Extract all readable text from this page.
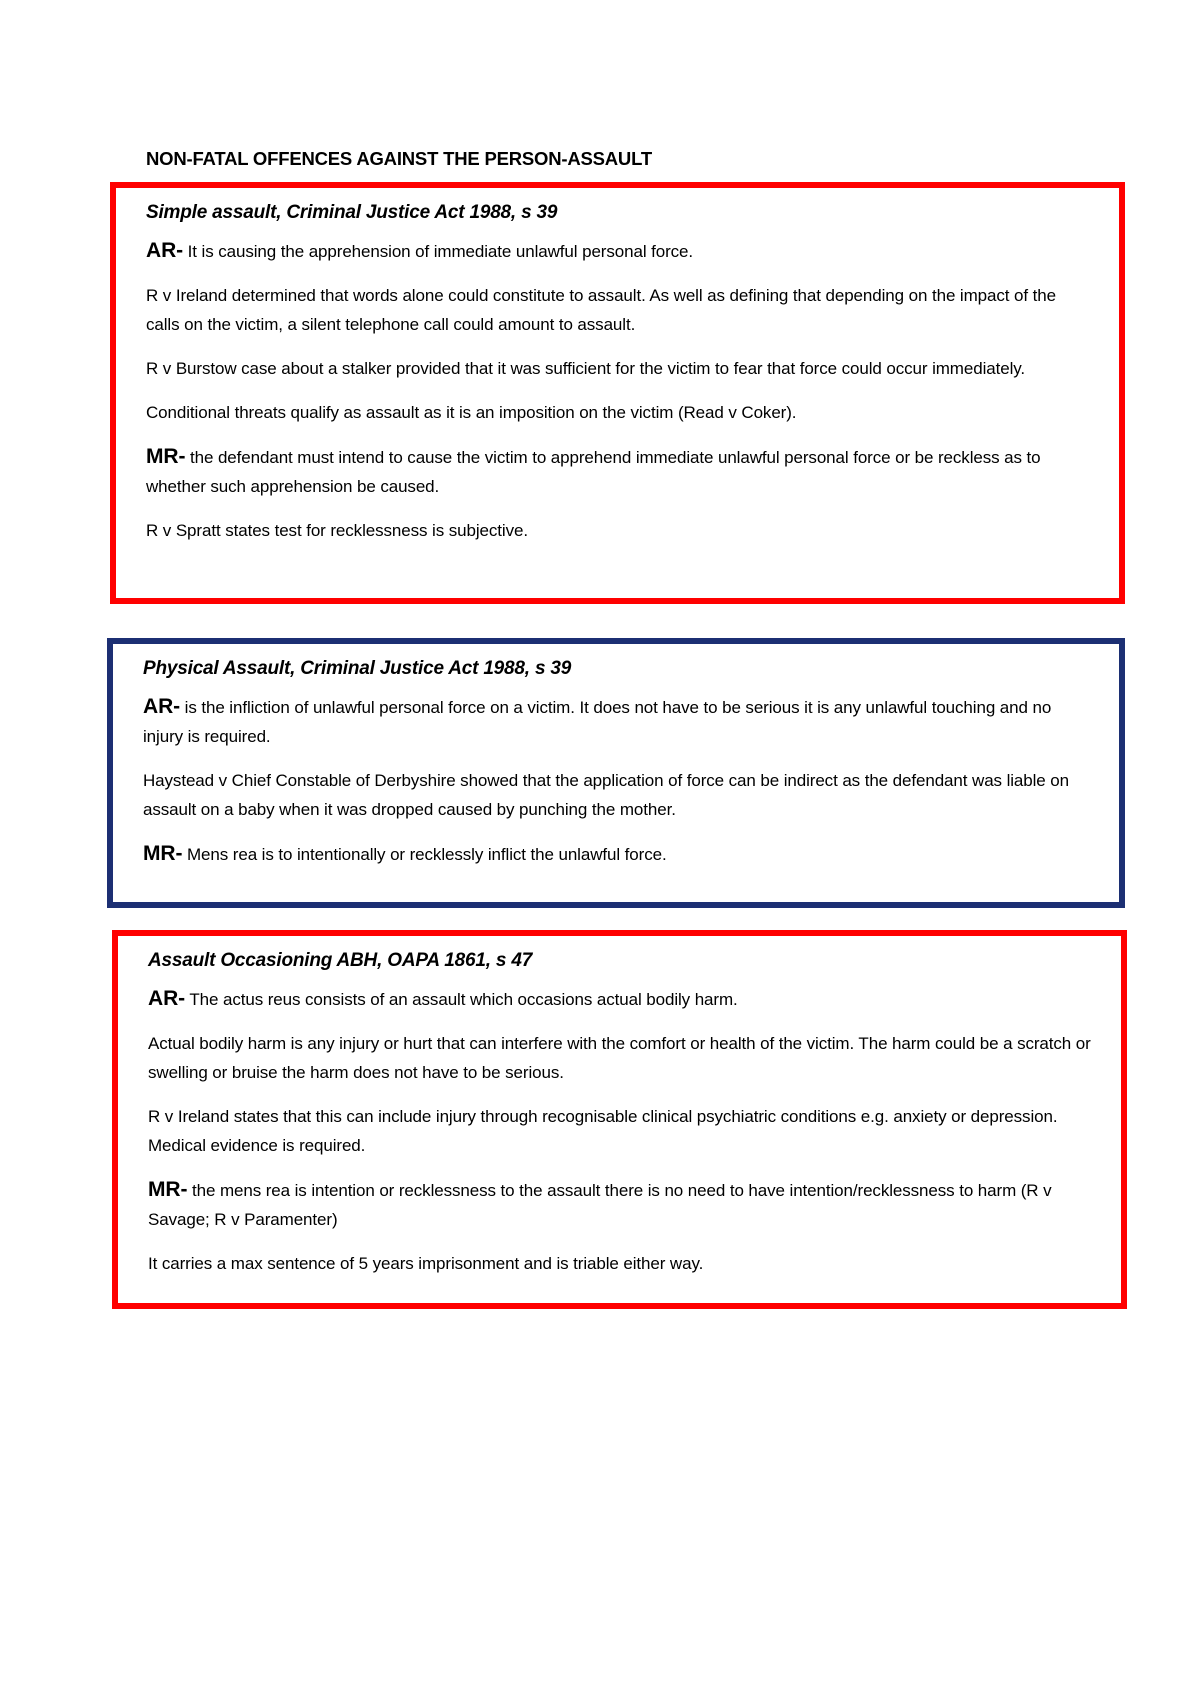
NON-FATAL OFFENCES AGAINST THE PERSON-ASSAULT
Simple assault, Criminal Justice Act 1988, s 39

AR- It is causing the apprehension of immediate unlawful personal force.

R v Ireland determined that words alone could constitute to assault. As well as defining that depending on the impact of the calls on the victim, a silent telephone call could amount to assault.

R v Burstow case about a stalker provided that it was sufficient for the victim to fear that force could occur immediately.

Conditional threats qualify as assault as it is an imposition on the victim (Read v Coker).

MR- the defendant must intend to cause the victim to apprehend immediate unlawful personal force or be reckless as to whether such apprehension be caused.

R v Spratt states test for recklessness is subjective.

Physical Assault, Criminal Justice Act 1988, s 39

AR- is the infliction of unlawful personal force on a victim. It does not have to be serious it is any unlawful touching and no injury is required.

Haystead v Chief Constable of Derbyshire showed that the application of force can be indirect as the defendant was liable on assault on a baby when it was dropped caused by punching the mother.

MR- Mens rea is to intentionally or recklessly inflict the unlawful force.

Assault Occasioning ABH, OAPA 1861, s 47

AR- The actus reus consists of an assault which occasions actual bodily harm.

Actual bodily harm is any injury or hurt that can interfere with the comfort or health of the victim. The harm could be a scratch or swelling or bruise the harm does not have to be serious.

R v Ireland states that this can include injury through recognisable clinical psychiatric conditions e.g. anxiety or depression. Medical evidence is required.

MR- the mens rea is intention or recklessness to the assault there is no need to have intention/recklessness to harm (R v Savage; R v Paramenter)

It carries a max sentence of 5 years imprisonment and is triable either way.
